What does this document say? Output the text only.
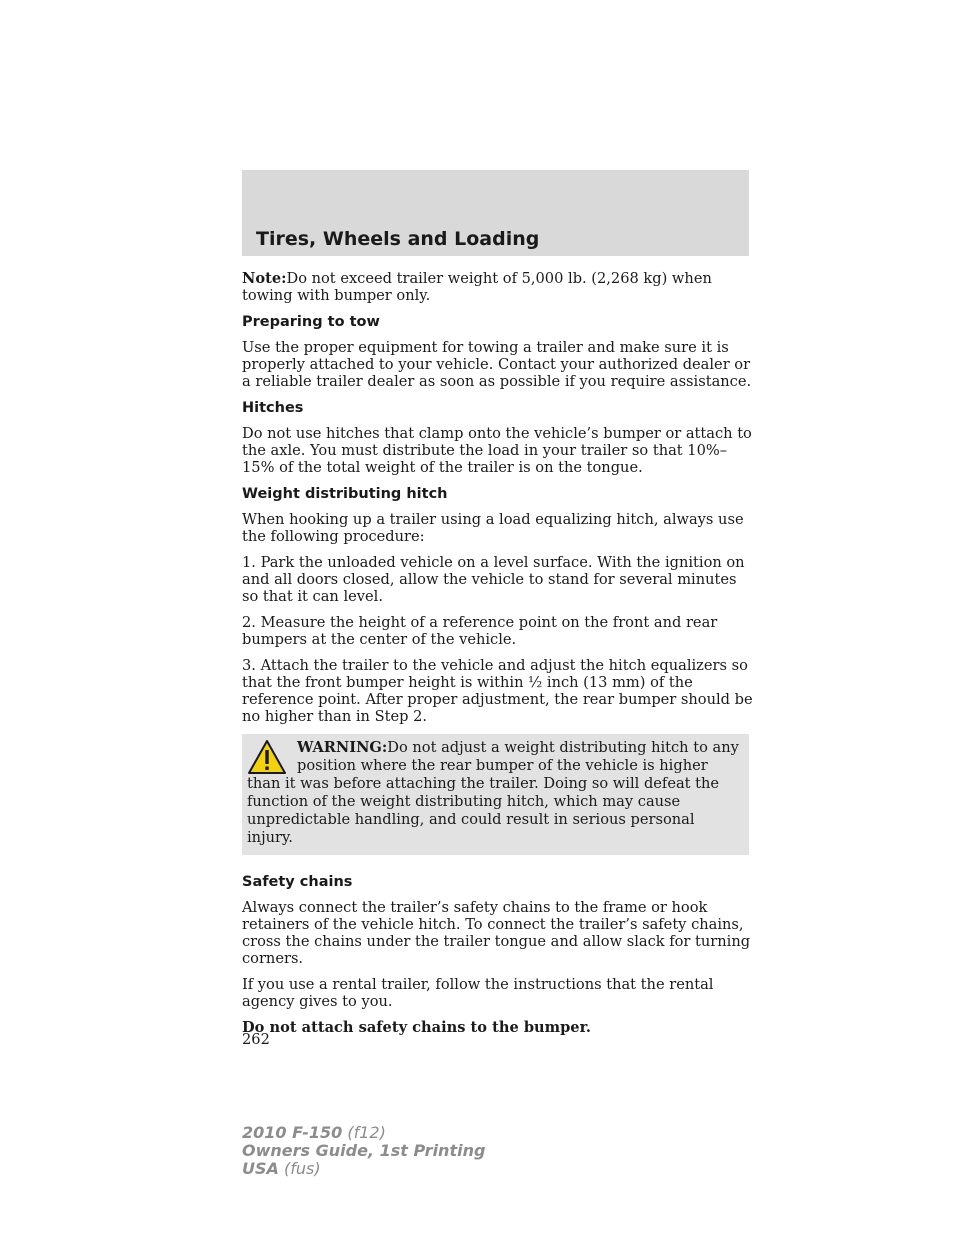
Tires, Wheels and Loading

Note:Do not exceed trailer weight of 5,000 lb. (2,268 kg) when towing with bumper only.

Preparing to tow

Use the proper equipment for towing a trailer and make sure it is properly attached to your vehicle. Contact your authorized dealer or a reliable trailer dealer as soon as possible if you require assistance.

Hitches

Do not use hitches that clamp onto the vehicle’s bumper or attach to the axle. You must distribute the load in your trailer so that 10%–15% of the total weight of the trailer is on the tongue.

Weight distributing hitch

When hooking up a trailer using a load equalizing hitch, always use the following procedure:

1. Park the unloaded vehicle on a level surface. With the ignition on and all doors closed, allow the vehicle to stand for several minutes so that it can level.

2. Measure the height of a reference point on the front and rear bumpers at the center of the vehicle.

3. Attach the trailer to the vehicle and adjust the hitch equalizers so that the front bumper height is within ½ inch (13 mm) of the reference point. After proper adjustment, the rear bumper should be no higher than in Step 2.

WARNING:Do not adjust a weight distributing hitch to any position where the rear bumper of the vehicle is higher than it was before attaching the trailer. Doing so will defeat the function of the weight distributing hitch, which may cause unpredictable handling, and could result in serious personal injury.
Safety chains

Always connect the trailer’s safety chains to the frame or hook retainers of the vehicle hitch. To connect the trailer’s safety chains, cross the chains under the trailer tongue and allow slack for turning corners.

If you use a rental trailer, follow the instructions that the rental agency gives to you.

Do not attach safety chains to the bumper.

262
2010 F-150 (f12)
Owners Guide, 1st Printing
USA (fus)
